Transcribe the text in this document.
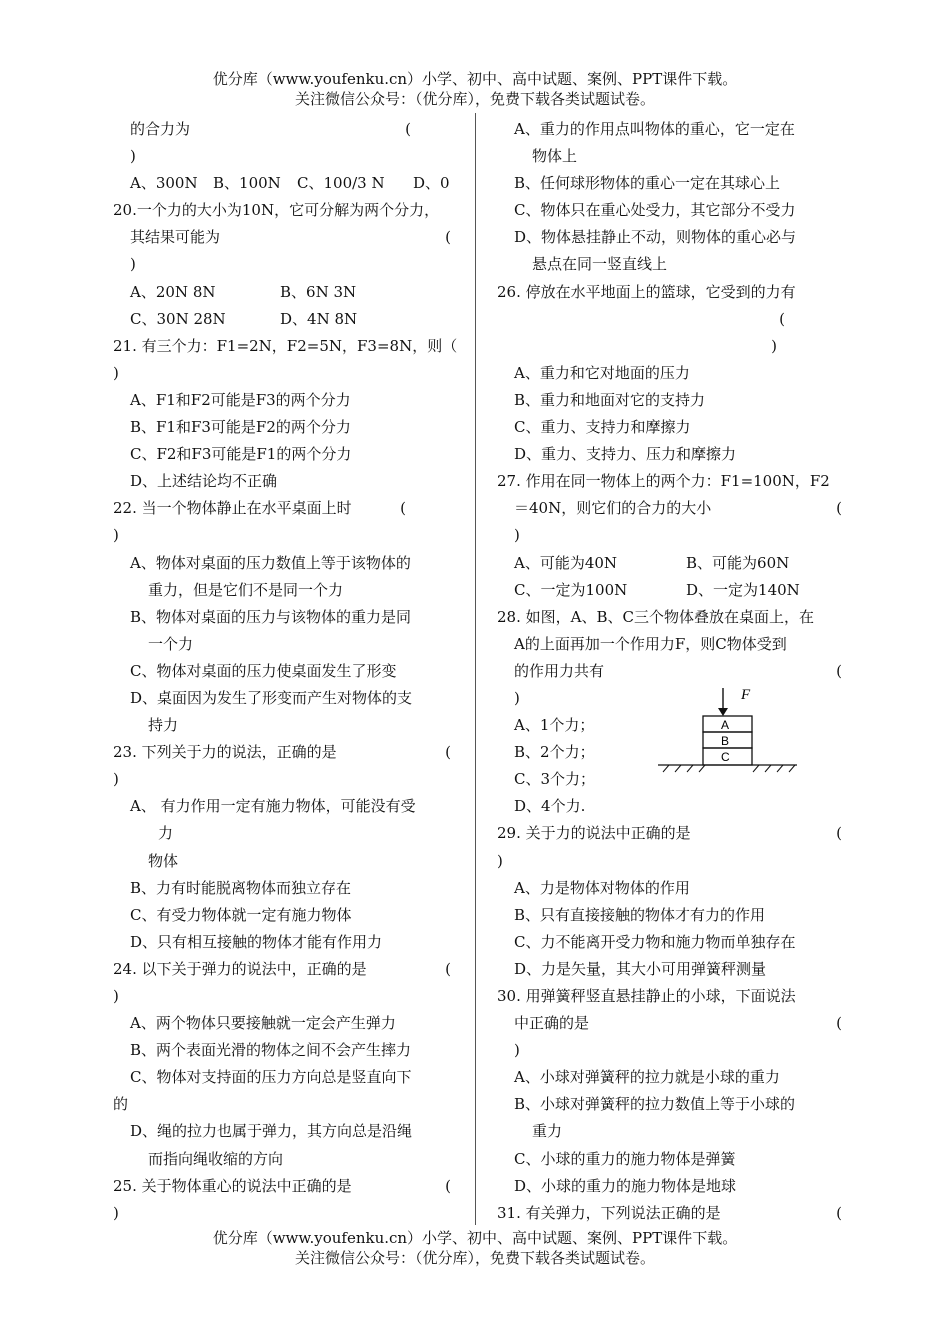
优分库（www.youfenku.cn）小学、初中、高中试题、案例、PPT课件下载。
关注微信公众号：（优分库），免费下载各类试题试卷。
的合力为	(
)
A、300N B、100N C、100/3 N D、0
20.一个力的大小为10N，它可分解为两个分力，
其结果可能为	(
)
A、20N 8N	B、6N 3N
C、30N 28N	D、4N 8N
21. 有三个力：F1=2N，F2=5N，F3=8N，则（
)
A、F1和F2可能是F3的两个分力
B、F1和F3可能是F2的两个分力
C、F2和F3可能是F1的两个分力
D、上述结论均不正确
22. 当一个物体静止在水平桌面上时	(
)
A、物体对桌面的压力数值上等于该物体的
重力，但是它们不是同一个力
B、物体对桌面的压力与该物体的重力是同
一个力
C、物体对桌面的压力使桌面发生了形变
D、桌面因为发生了形变而产生对物体的支
持力
23. 下列关于力的说法，正确的是	(
)
A、 有力作用一定有施力物体，可能没有受
力
物体
B、力有时能脱离物体而独立存在
C、有受力物体就一定有施力物体
D、只有相互接触的物体才能有作用力
24. 以下关于弹力的说法中，正确的是	(
)
A、两个物体只要接触就一定会产生弹力
B、两个表面光滑的物体之间不会产生摔力
C、物体对支持面的压力方向总是竖直向下
的
D、绳的拉力也属于弹力，其方向总是沿绳
而指向绳收缩的方向
25. 关于物体重心的说法中正确的是	(
)
A、重力的作用点叫物体的重心，它一定在
物体上
B、任何球形物体的重心一定在其球心上
C、物体只在重心处受力，其它部分不受力
D、物体悬挂静止不动，则物体的重心必与
悬点在同一竖直线上
26. 停放在水平地面上的篮球，它受到的力有
(
)
A、重力和它对地面的压力
B、重力和地面对它的支持力
C、重力、支持力和摩擦力
D、重力、支持力、压力和摩擦力
27. 作用在同一物体上的两个力：F1=100N，F2
＝40N，则它们的合力的大小	(
)
A、可能为40N	B、可能为60N
C、一定为100N	D、一定为140N
28. 如图，A、B、C三个物体叠放在桌面上，在
A的上面再加一个作用力F，则C物体受到
的作用力共有	(
)
A、1个力；
B、2个力；
C、3个力；
D、4个力.
29. 关于力的说法中正确的是	(
)
A、力是物体对物体的作用
B、只有直接接触的物体才有力的作用
C、力不能离开受力物和施力物而单独存在
D、力是矢量，其大小可用弹簧秤测量
30. 用弹簧秤竖直悬挂静止的小球，下面说法
中正确的是	(
)
A、小球对弹簧秤的拉力就是小球的重力
B、小球对弹簧秤的拉力数值上等于小球的
重力
C、小球的重力的施力物体是弹簧
D、小球的重力的施力物体是地球
31. 有关弹力，下列说法正确的是	(
F
A
B
C
优分库（www.youfenku.cn）小学、初中、高中试题、案例、PPT课件下载。
关注微信公众号：（优分库），免费下载各类试题试卷。
